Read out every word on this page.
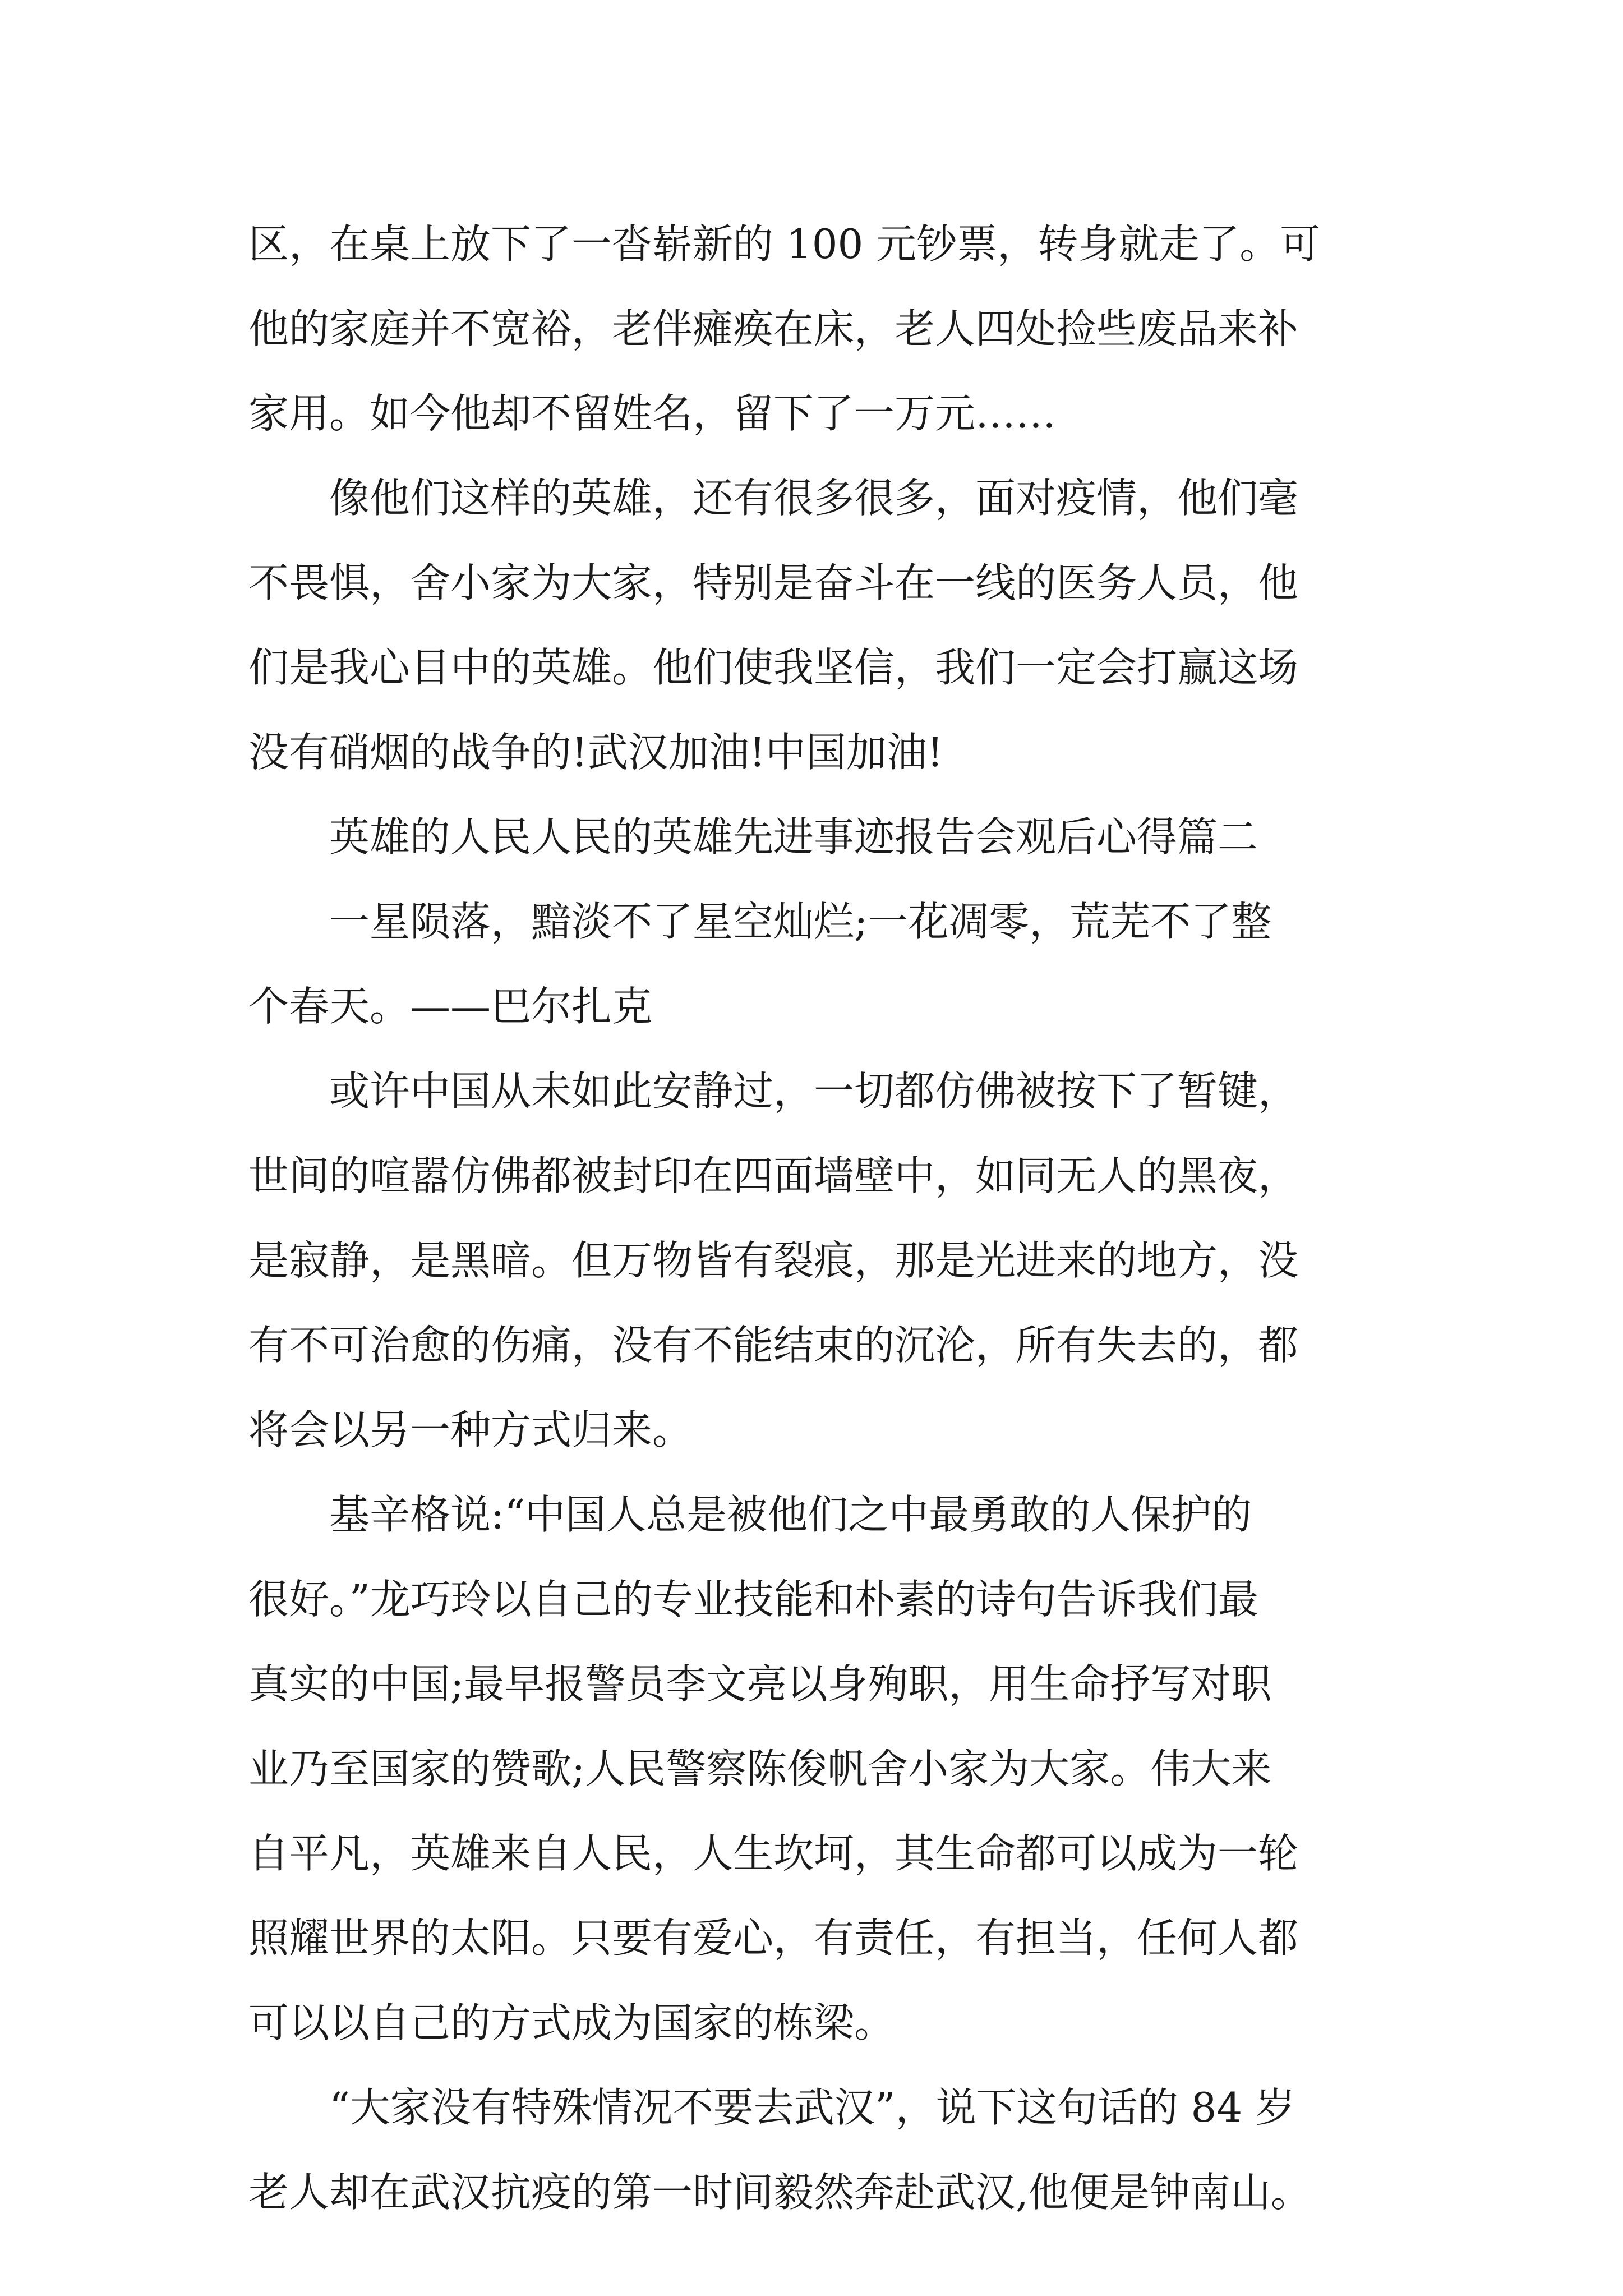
区，在桌上放下了一沓崭新的 100 元钞票，转身就走了。可
他的家庭并不宽裕，老伴瘫痪在床，老人四处捡些废品来补
家用。如今他却不留姓名，留下了一万元……
像他们这样的英雄，还有很多很多，面对疫情，他们毫
不畏惧，舍小家为大家，特别是奋斗在一线的医务人员，他
们是我心目中的英雄。他们使我坚信，我们一定会打赢这场
没有硝烟的战争的!武汉加油!中国加油!
英雄的人民人民的英雄先进事迹报告会观后心得篇二
一星陨落，黯淡不了星空灿烂;一花凋零，荒芜不了整
个春天。——巴尔扎克
或许中国从未如此安静过，一切都仿佛被按下了暂键，
世间的喧嚣仿佛都被封印在四面墙壁中，如同无人的黑夜，
是寂静，是黑暗。但万物皆有裂痕，那是光进来的地方，没
有不可治愈的伤痛，没有不能结束的沉沦，所有失去的，都
将会以另一种方式归来。
基辛格说:“中国人总是被他们之中最勇敢的人保护的
很好。”龙巧玲以自己的专业技能和朴素的诗句告诉我们最
真实的中国;最早报警员李文亮以身殉职，用生命抒写对职
业乃至国家的赞歌;人民警察陈俊帆舍小家为大家。伟大来
自平凡，英雄来自人民，人生坎坷，其生命都可以成为一轮
照耀世界的太阳。只要有爱心，有责任，有担当，任何人都
可以以自己的方式成为国家的栋梁。
“大家没有特殊情况不要去武汉”，说下这句话的 84 岁
老人却在武汉抗疫的第一时间毅然奔赴武汉,他便是钟南山。
